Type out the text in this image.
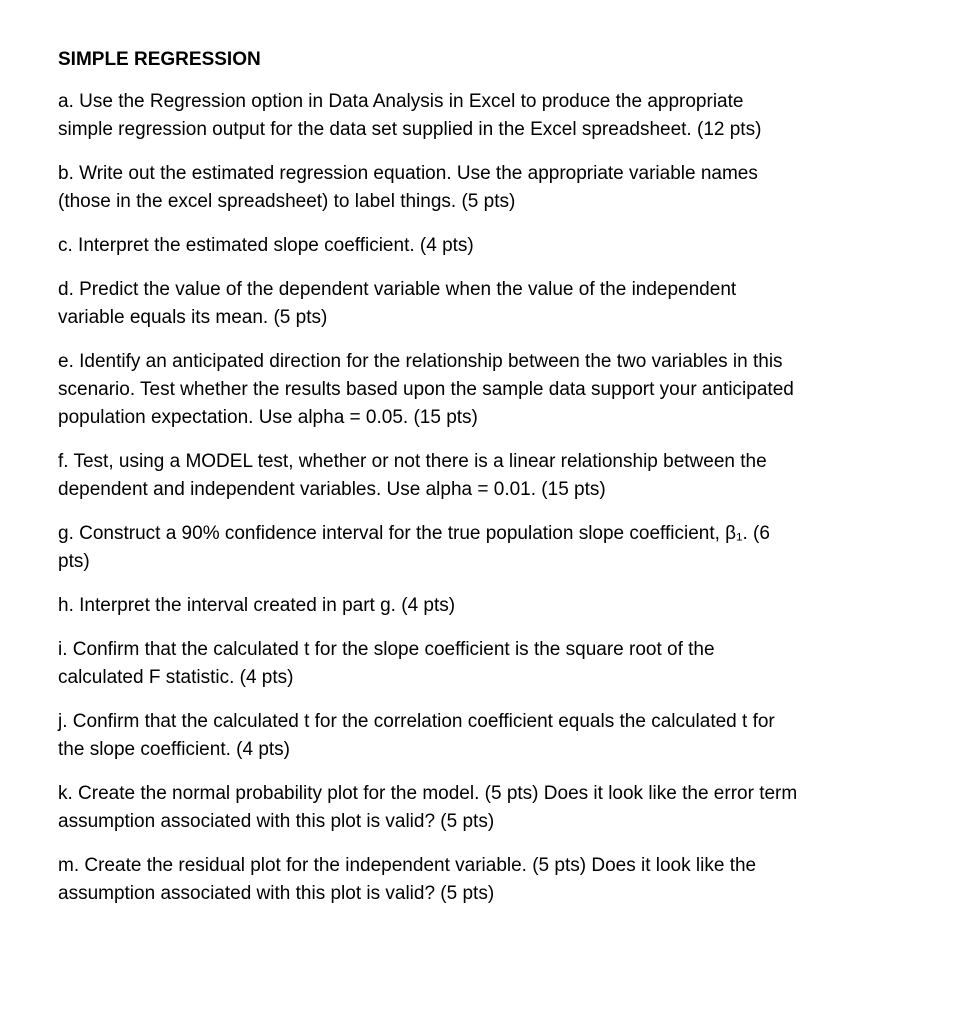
SIMPLE REGRESSION
a. Use the Regression option in Data Analysis in Excel to produce the appropriate
simple regression output for the data set supplied in the Excel spreadsheet. (12 pts)
b. Write out the estimated regression equation. Use the appropriate variable names
(those in the excel spreadsheet) to label things. (5 pts)
c. Interpret the estimated slope coefficient. (4 pts)
d. Predict the value of the dependent variable when the value of the independent
variable equals its mean. (5 pts)
e. Identify an anticipated direction for the relationship between the two variables in this
scenario. Test whether the results based upon the sample data support your anticipated
population expectation. Use alpha = 0.05. (15 pts)
f. Test, using a MODEL test, whether or not there is a linear relationship between the
dependent and independent variables. Use alpha = 0.01. (15 pts)
g. Construct a 90% confidence interval for the true population slope coefficient, β₁. (6
pts)
h. Interpret the interval created in part g. (4 pts)
i. Confirm that the calculated t for the slope coefficient is the square root of the
calculated F statistic. (4 pts)
j. Confirm that the calculated t for the correlation coefficient equals the calculated t for
the slope coefficient. (4 pts)
k. Create the normal probability plot for the model. (5 pts) Does it look like the error term
assumption associated with this plot is valid? (5 pts)
m. Create the residual plot for the independent variable. (5 pts) Does it look like the
assumption associated with this plot is valid? (5 pts)
